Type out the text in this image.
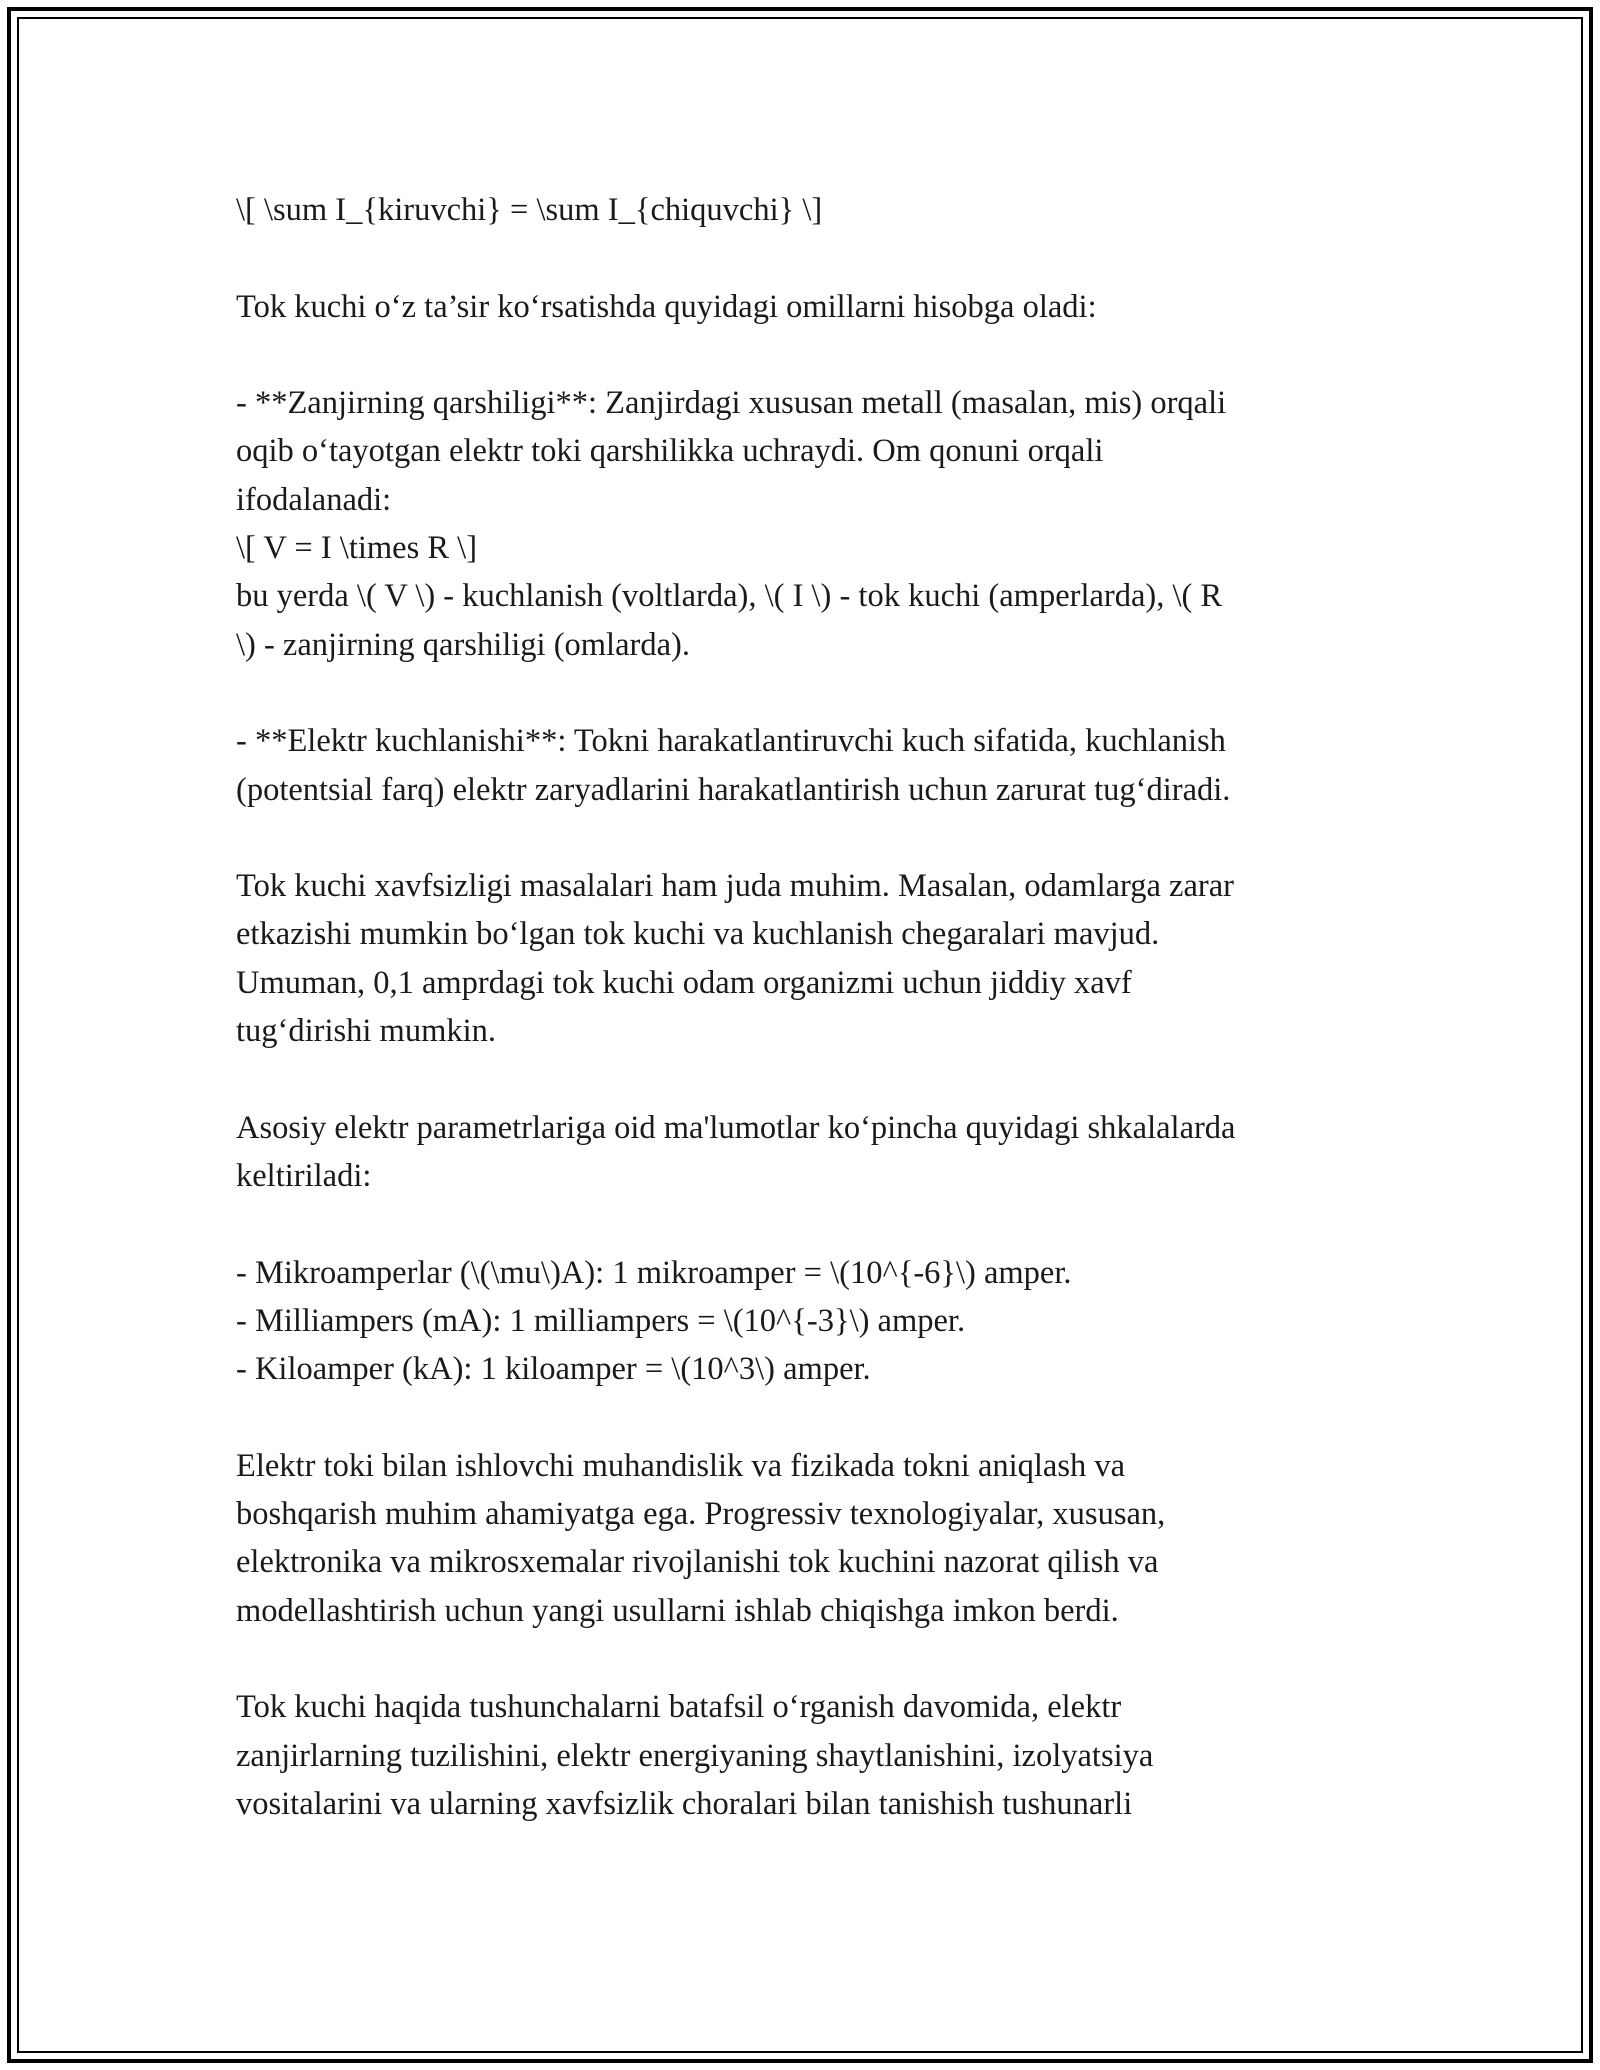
\[ \sum I_{kiruvchi} = \sum I_{chiquvchi} \]
Tok kuchi o‘z ta’sir ko‘rsatishda quyidagi omillarni hisobga oladi:
- **Zanjirning qarshiligi**: Zanjirdagi xususan metall (masalan, mis) orqali
oqib o‘tayotgan elektr toki qarshilikka uchraydi. Om qonuni orqali
ifodalanadi:
\[ V = I \times R \]
bu yerda \( V \) - kuchlanish (voltlarda), \( I \) - tok kuchi (amperlarda), \( R
\) - zanjirning qarshiligi (omlarda).
- **Elektr kuchlanishi**: Tokni harakatlantiruvchi kuch sifatida, kuchlanish
(potentsial farq) elektr zaryadlarini harakatlantirish uchun zarurat tug‘diradi.
Tok kuchi xavfsizligi masalalari ham juda muhim. Masalan, odamlarga zarar
etkazishi mumkin bo‘lgan tok kuchi va kuchlanish chegaralari mavjud.
Umuman, 0,1 amprdagi tok kuchi odam organizmi uchun jiddiy xavf
tug‘dirishi mumkin.
Asosiy elektr parametrlariga oid ma'lumotlar ko‘pincha quyidagi shkalalarda
keltiriladi:
- Mikroamperlar (\(\mu\)A): 1 mikroamper = \(10^{-6}\) amper.
- Milliampers (mA): 1 milliampers = \(10^{-3}\) amper.
- Kiloamper (kA): 1 kiloamper = \(10^3\) amper.
Elektr toki bilan ishlovchi muhandislik va fizikada tokni aniqlash va
boshqarish muhim ahamiyatga ega. Progressiv texnologiyalar, xususan,
elektronika va mikrosxemalar rivojlanishi tok kuchini nazorat qilish va
modellashtirish uchun yangi usullarni ishlab chiqishga imkon berdi.
Tok kuchi haqida tushunchalarni batafsil o‘rganish davomida, elektr
zanjirlarning tuzilishini, elektr energiyaning shaytlanishini, izolyatsiya
vositalarini va ularning xavfsizlik choralari bilan tanishish tushunarli
